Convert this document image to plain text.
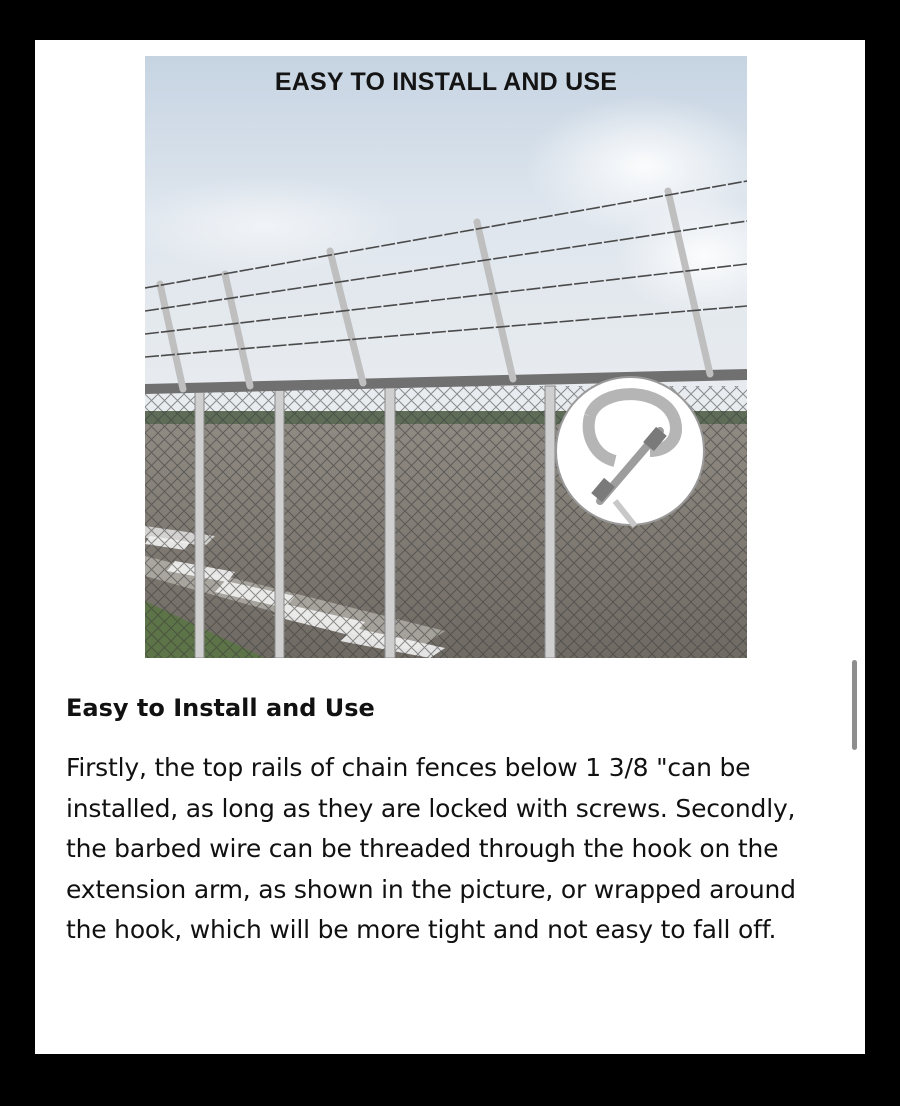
EASY TO INSTALL AND USE
Easy to Install and Use

Firstly, the top rails of chain fences below 1 3/8 "can be installed, as long as they are locked with screws. Secondly, the barbed wire can be threaded through the hook on the extension arm, as shown in the picture, or wrapped around the hook, which will be more tight and not easy to fall off.
